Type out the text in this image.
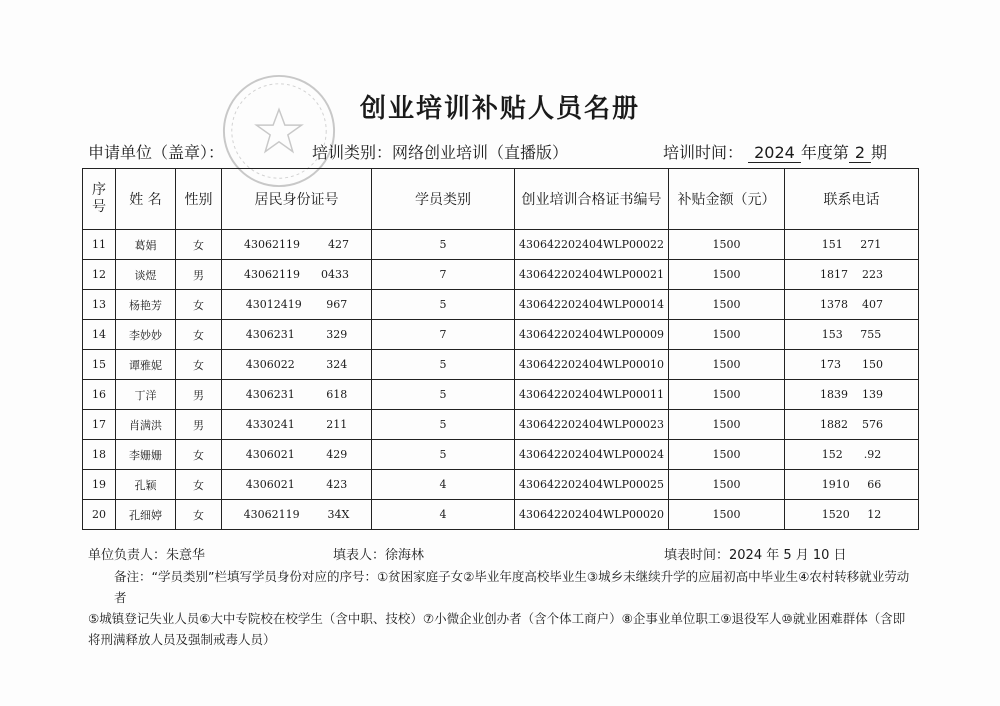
创业培训补贴人员名册
申请单位（盖章）：	培训类别：网络创业培训（直播版）	培训时间： 2024 年度第 2 期
序号	姓 名	性别	居民身份证号	学员类别	创业培训合格证书编号	补贴金额（元）	联系电话
11	葛娟	女	43062119        427	5	430642202404WLP00022	1500	151     271
12	谈煜	男	43062119      0433	7	430642202404WLP00021	1500	1817    223
13	杨艳芳	女	43012419       967	5	430642202404WLP00014	1500	1378    407
14	李妙妙	女	4306231         329	7	430642202404WLP00009	1500	153     755
15	谭雅妮	女	4306022         324	5	430642202404WLP00010	1500	173      150
16	丁洋	男	4306231         618	5	430642202404WLP00011	1500	1839    139
17	肖满洪	男	4330241         211	5	430642202404WLP00023	1500	1882    576
18	李姗姗	女	4306021         429	5	430642202404WLP00024	1500	152      .92
19	孔颖	女	4306021         423	4	430642202404WLP00025	1500	1910     66
20	孔细婷	女	43062119        34X	4	430642202404WLP00020	1500	1520     12
单位负责人：朱意华	填表人：徐海林	填表时间：2024 年 5 月 10 日
备注：“学员类别”栏填写学员身份对应的序号：①贫困家庭子女②毕业年度高校毕业生③城乡未继续升学的应届初高中毕业生④农村转移就业劳动者
⑤城镇登记失业人员⑥大中专院校在校学生（含中职、技校）⑦小微企业创办者（含个体工商户）⑧企事业单位职工⑨退役军人⑩就业困难群体（含即
将刑满释放人员及强制戒毒人员）
